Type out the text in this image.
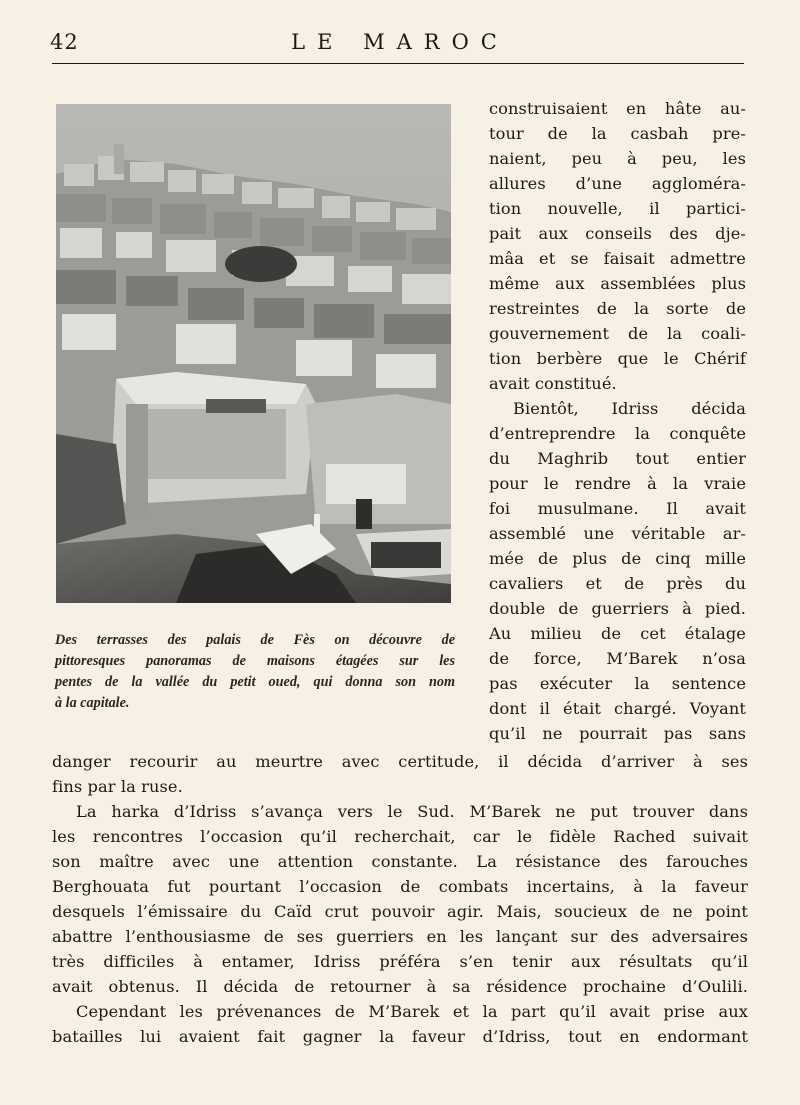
42	LE MAROC
Des terrasses des palais de Fès on découvre de
pittoresques panoramas de maisons étagées sur les
pentes de la vallée du petit oued, qui donna son nom
à la capitale.
construisaient en hâte au-
tour de la casbah pre-
naient, peu à peu, les
allures d’une aggloméra-
tion nouvelle, il partici-
pait aux conseils des dje-
mâa et se faisait admettre
même aux assemblées plus
restreintes de la sorte de
gouvernement de la coali-
tion berbère que le Chérif
avait constitué.
Bientôt, Idriss décida
d’entreprendre la conquête
du Maghrib tout entier
pour le rendre à la vraie
foi musulmane. Il avait
assemblé une véritable ar-
mée de plus de cinq mille
cavaliers et de près du
double de guerriers à pied.
Au milieu de cet étalage
de force, M’Barek n’osa
pas exécuter la sentence
dont il était chargé. Voyant
qu’il ne pourrait pas sans
danger recourir au meurtre avec certitude, il décida d’arriver à ses
fins par la ruse.
La harka d’Idriss s’avança vers le Sud. M’Barek ne put trouver dans
les rencontres l’occasion qu’il recherchait, car le fidèle Rached suivait
son maître avec une attention constante. La résistance des farouches
Berghouata fut pourtant l’occasion de combats incertains, à la faveur
desquels l’émissaire du Caïd crut pouvoir agir. Mais, soucieux de ne point
abattre l’enthousiasme de ses guerriers en les lançant sur des adversaires
très difficiles à entamer, Idriss préféra s’en tenir aux résultats qu’il
avait obtenus. Il décida de retourner à sa résidence prochaine d’Oulili.
Cependant les prévenances de M’Barek et la part qu’il avait prise aux
batailles lui avaient fait gagner la faveur d’Idriss, tout en endormant
